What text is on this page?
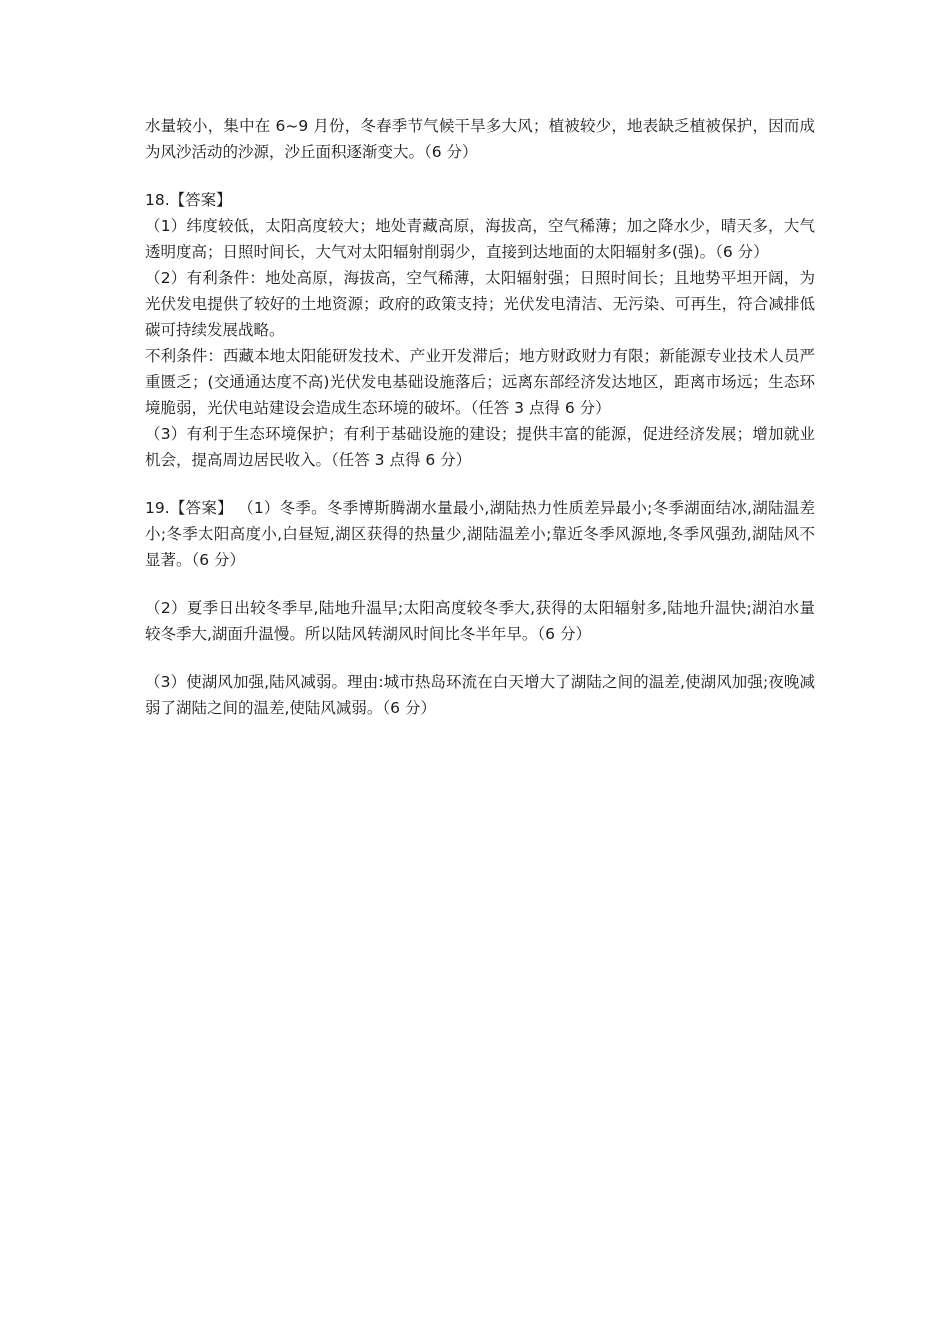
水量较小，集中在 6~9 月份，冬春季节气候干旱多大风；植被较少，地表缺乏植被保护，因而成为风沙活动的沙源，沙丘面积逐渐变大。（6 分）

18.【答案】

（1）纬度较低，太阳高度较大；地处青藏高原，海拔高，空气稀薄；加之降水少，晴天多，大气透明度高；日照时间长，大气对太阳辐射削弱少，直接到达地面的太阳辐射多(强)。（6 分）

（2）有利条件：地处高原，海拔高，空气稀薄，太阳辐射强；日照时间长；且地势平坦开阔，为光伏发电提供了较好的土地资源；政府的政策支持；光伏发电清洁、无污染、可再生，符合减排低碳可持续发展战略。

不利条件：西藏本地太阳能研发技术、产业开发滞后；地方财政财力有限；新能源专业技术人员严重匮乏；(交通通达度不高)光伏发电基础设施落后；远离东部经济发达地区，距离市场远；生态环境脆弱，光伏电站建设会造成生态环境的破坏。（任答 3 点得 6 分）

（3）有利于生态环境保护；有利于基础设施的建设；提供丰富的能源，促进经济发展；增加就业机会，提高周边居民收入。（任答 3 点得 6 分）

19.【答案】 （1）冬季。冬季博斯腾湖水量最小,湖陆热力性质差异最小;冬季湖面结冰,湖陆温差小;冬季太阳高度小,白昼短,湖区获得的热量少,湖陆温差小;靠近冬季风源地,冬季风强劲,湖陆风不显著。（6 分）

（2）夏季日出较冬季早,陆地升温早;太阳高度较冬季大,获得的太阳辐射多,陆地升温快;湖泊水量较冬季大,湖面升温慢。所以陆风转湖风时间比冬半年早。（6 分）

（3）使湖风加强,陆风减弱。理由:城市热岛环流在白天增大了湖陆之间的温差,使湖风加强;夜晚减弱了湖陆之间的温差,使陆风减弱。（6 分）
